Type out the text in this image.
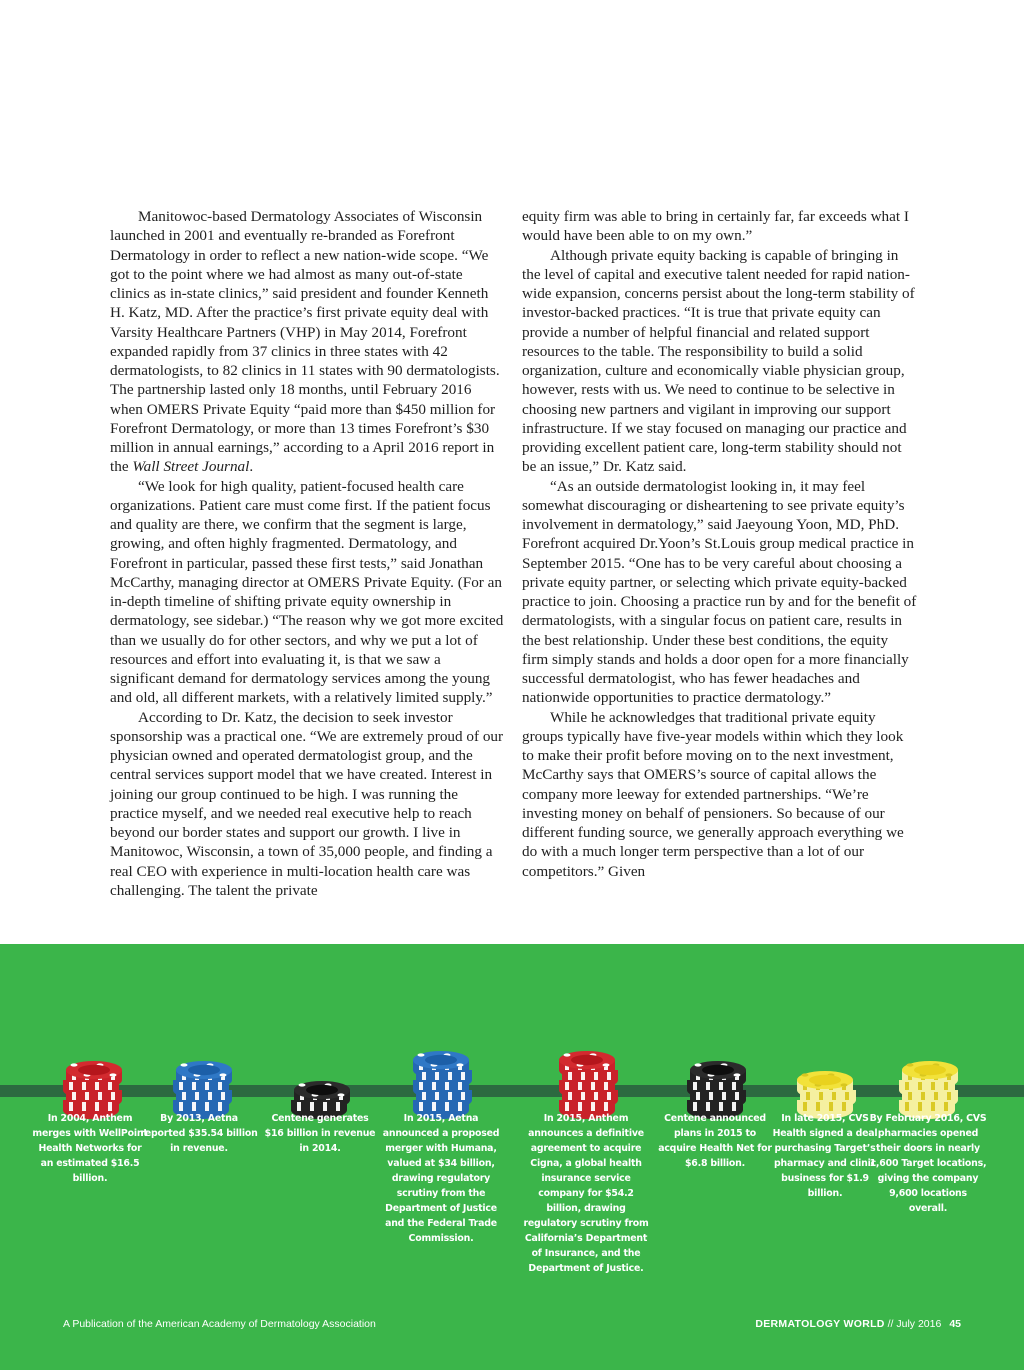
Manitowoc-based Dermatology Associates of Wisconsin launched in 2001 and eventually re-branded as Forefront Dermatology in order to reflect a new nation-wide scope. “We got to the point where we had almost as many out-of-state clinics as in-state clinics,” said president and founder Kenneth H. Katz, MD. After the practice’s first private equity deal with Varsity Healthcare Partners (VHP) in May 2014, Forefront expanded rapidly from 37 clinics in three states with 42 dermatologists, to 82 clinics in 11 states with 90 dermatologists. The partnership lasted only 18 months, until February 2016 when OMERS Private Equity “paid more than $450 million for Forefront Dermatology, or more than 13 times Forefront’s $30 million in annual earnings,” according to a April 2016 report in the Wall Street Journal.

“We look for high quality, patient-focused health care organizations. Patient care must come first. If the patient focus and quality are there, we confirm that the segment is large, growing, and often highly fragmented. Dermatology, and Forefront in particular, passed these first tests,” said Jonathan McCarthy, managing director at OMERS Private Equity. (For an in-depth timeline of shifting private equity ownership in dermatology, see sidebar.) “The reason why we got more excited than we usually do for other sectors, and why we put a lot of resources and effort into evaluating it, is that we saw a significant demand for dermatology services among the young and old, all different markets, with a relatively limited supply.”

According to Dr. Katz, the decision to seek investor sponsorship was a practical one. “We are extremely proud of our physician owned and operated dermatologist group, and the central services support model that we have created. Interest in joining our group continued to be high. I was running the practice myself, and we needed real executive help to reach beyond our border states and support our growth. I live in Manitowoc, Wisconsin, a town of 35,000 people, and finding a real CEO with experience in multi-location health care was challenging. The talent the private

equity firm was able to bring in certainly far, far exceeds what I would have been able to on my own.”

Although private equity backing is capable of bringing in the level of capital and executive talent needed for rapid nation-wide expansion, concerns persist about the long-term stability of investor-backed practices. “It is true that private equity can provide a number of helpful financial and related support resources to the table. The responsibility to build a solid organization, culture and economically viable physician group, however, rests with us. We need to continue to be selective in choosing new partners and vigilant in improving our support infrastructure. If we stay focused on managing our practice and providing excellent patient care, long-term stability should not be an issue,” Dr. Katz said.

“As an outside dermatologist looking in, it may feel somewhat discouraging or disheartening to see private equity’s involvement in dermatology,” said Jaeyoung Yoon, MD, PhD. Forefront acquired Dr.Yoon’s St.Louis group medical practice in September 2015. “One has to be very careful about choosing a private equity partner, or selecting which private equity-backed practice to join. Choosing a practice run by and for the benefit of dermatologists, with a singular focus on patient care, results in the best relationship. Under these best conditions, the equity firm simply stands and holds a door open for a more financially successful dermatologist, who has fewer headaches and nationwide opportunities to practice dermatology.”

While he acknowledges that traditional private equity groups typically have five-year models within which they look to make their profit before moving on to the next investment, McCarthy says that OMERS’s source of capital allows the company more leeway for extended partnerships. “We’re investing money on behalf of pensioners. So because of our different funding source, we generally approach everything we do with a much longer term perspective than a lot of our competitors.” Given

In 2004, Anthem merges with WellPoint Health Networks for an estimated $16.5 billion.
By 2013, Aetna reported $35.54 billion in revenue.
Centene generates $16 billion in revenue in 2014.
In 2015, Aetna announced a proposed merger with Humana, valued at $34 billion, drawing regulatory scrutiny from the Department of Justice and the Federal Trade Commission.
In 2015, Anthem announces a definitive agreement to acquire Cigna, a global health insurance service company for $54.2 billion, drawing regulatory scrutiny from California’s Department of Insurance, and the Department of Justice.
Centene announced plans in 2015 to acquire Health Net for $6.8 billion.
In late 2015, CVS Health signed a deal purchasing Target’s pharmacy and clinic business for $1.9 billion.
By February 2016, CVS pharmacies opened their doors in nearly 1,600 Target locations, giving the company 9,600 locations overall.
A Publication of the American Academy of Dermatology Association	DERMATOLOGY WORLD // July 2016 45
